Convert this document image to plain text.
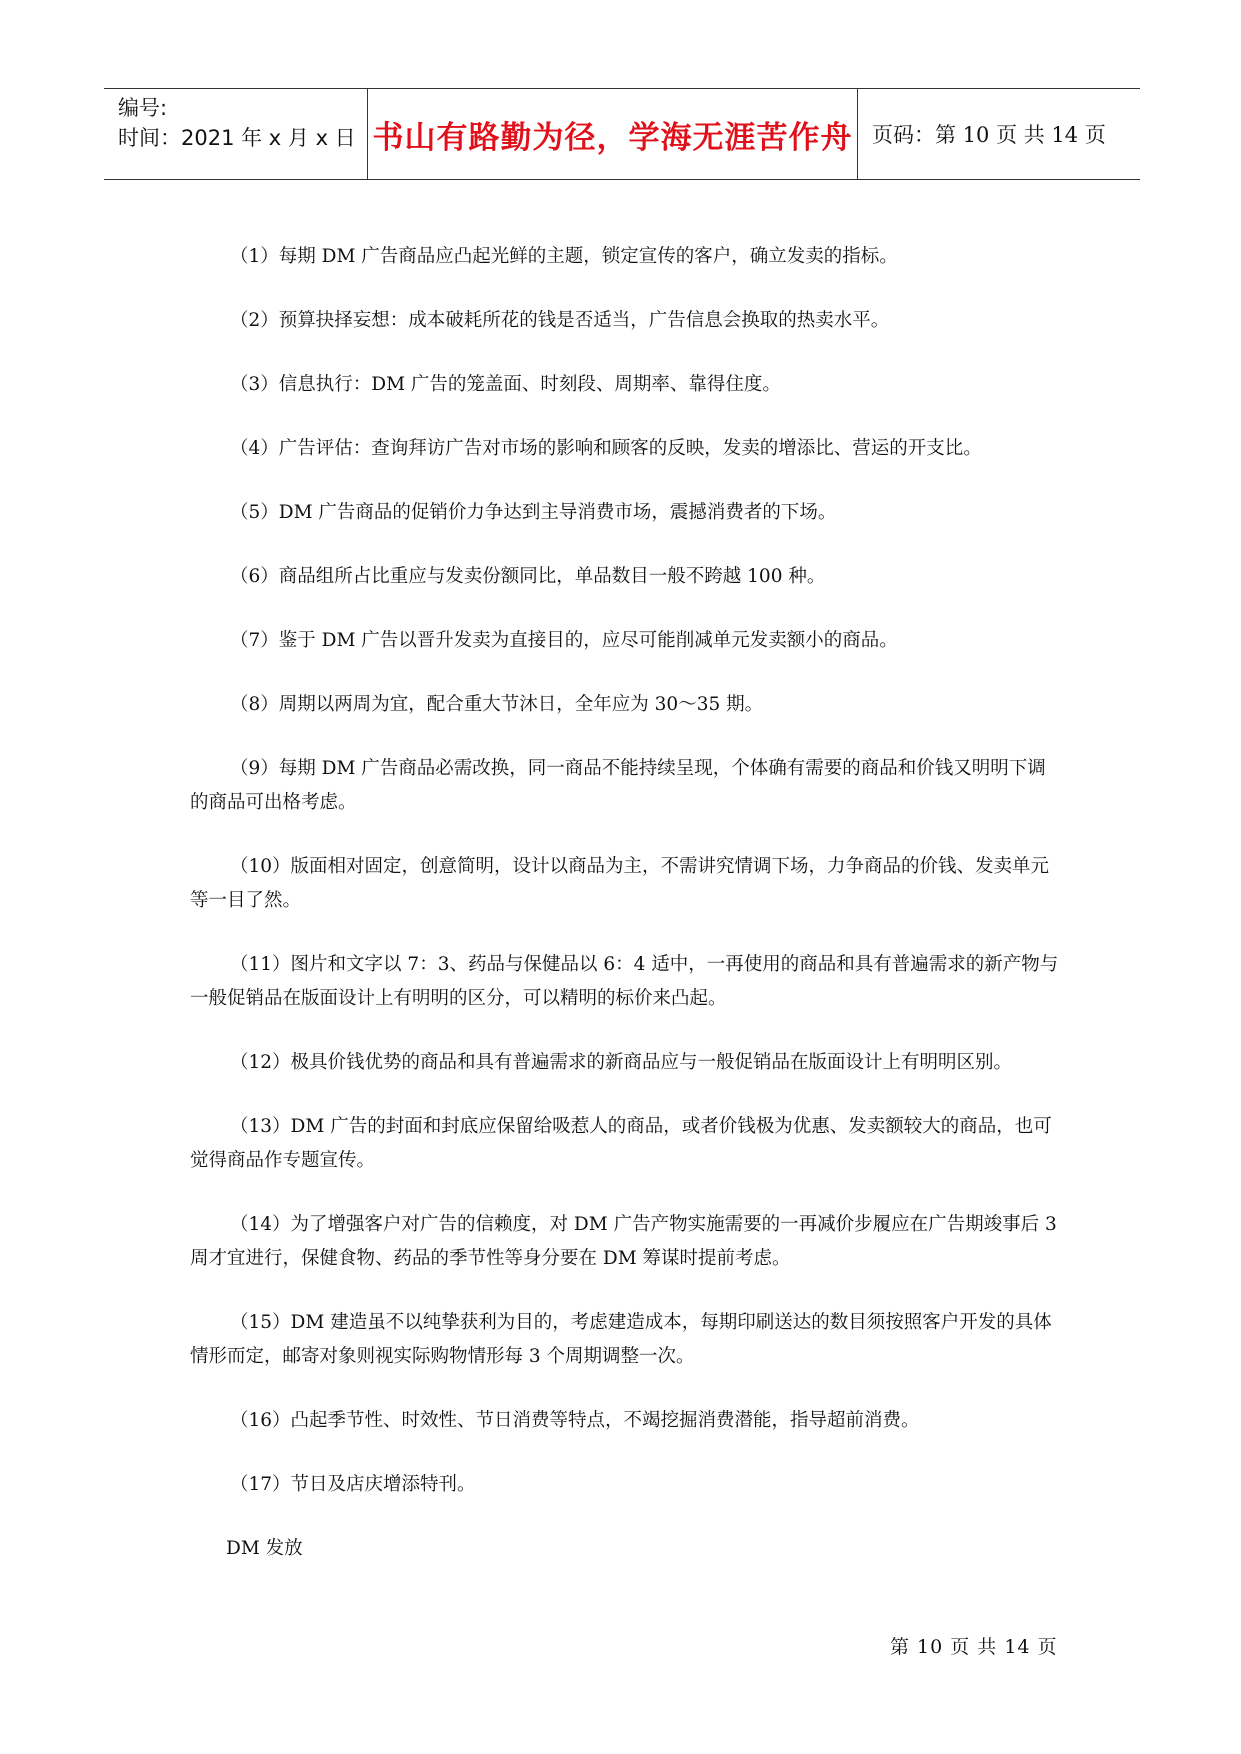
编号:
时间：2021 年 x 月 x 日 书山有路勤为径，学海无涯苦作舟 页码：第 10 页 共 14 页

（1）每期 DM 广告商品应凸起光鲜的主题，锁定宣传的客户，确立发卖的指标。

（2）预算抉择妄想：成本破耗所花的钱是否适当，广告信息会换取的热卖水平。

（3）信息执行：DM 广告的笼盖面、时刻段、周期率、靠得住度。

（4）广告评估：查询拜访广告对市场的影响和顾客的反映，发卖的增添比、营运的开支比。

（5）DM 广告商品的促销价力争达到主导消费市场，震撼消费者的下场。

（6）商品组所占比重应与发卖份额同比，单品数目一般不跨越 100 种。

（7）鉴于 DM 广告以晋升发卖为直接目的，应尽可能削减单元发卖额小的商品。

（8）周期以两周为宜，配合重大节沐日，全年应为 30～35 期。

（9）每期 DM 广告商品必需改换，同一商品不能持续呈现，个体确有需要的商品和价钱又明明下调的商品可出格考虑。

（10）版面相对固定，创意简明，设计以商品为主，不需讲究情调下场，力争商品的价钱、发卖单元等一目了然。

（11）图片和文字以 7：3、药品与保健品以 6：4 适中，一再使用的商品和具有普遍需求的新产物与一般促销品在版面设计上有明明的区分，可以精明的标价来凸起。

（12）极具价钱优势的商品和具有普遍需求的新商品应与一般促销品在版面设计上有明明区别。

（13）DM 广告的封面和封底应保留给吸惹人的商品，或者价钱极为优惠、发卖额较大的商品，也可觉得商品作专题宣传。

（14）为了增强客户对广告的信赖度，对 DM 广告产物实施需要的一再减价步履应在广告期竣事后 3 周才宜进行，保健食物、药品的季节性等身分要在 DM 筹谋时提前考虑。

（15）DM 建造虽不以纯挚获利为目的，考虑建造成本，每期印刷送达的数目须按照客户开发的具体情形而定，邮寄对象则视实际购物情形每 3 个周期调整一次。

（16）凸起季节性、时效性、节日消费等特点，不竭挖掘消费潜能，指导超前消费。

（17）节日及店庆增添特刊。

DM 发放

第 10 页 共 14 页
